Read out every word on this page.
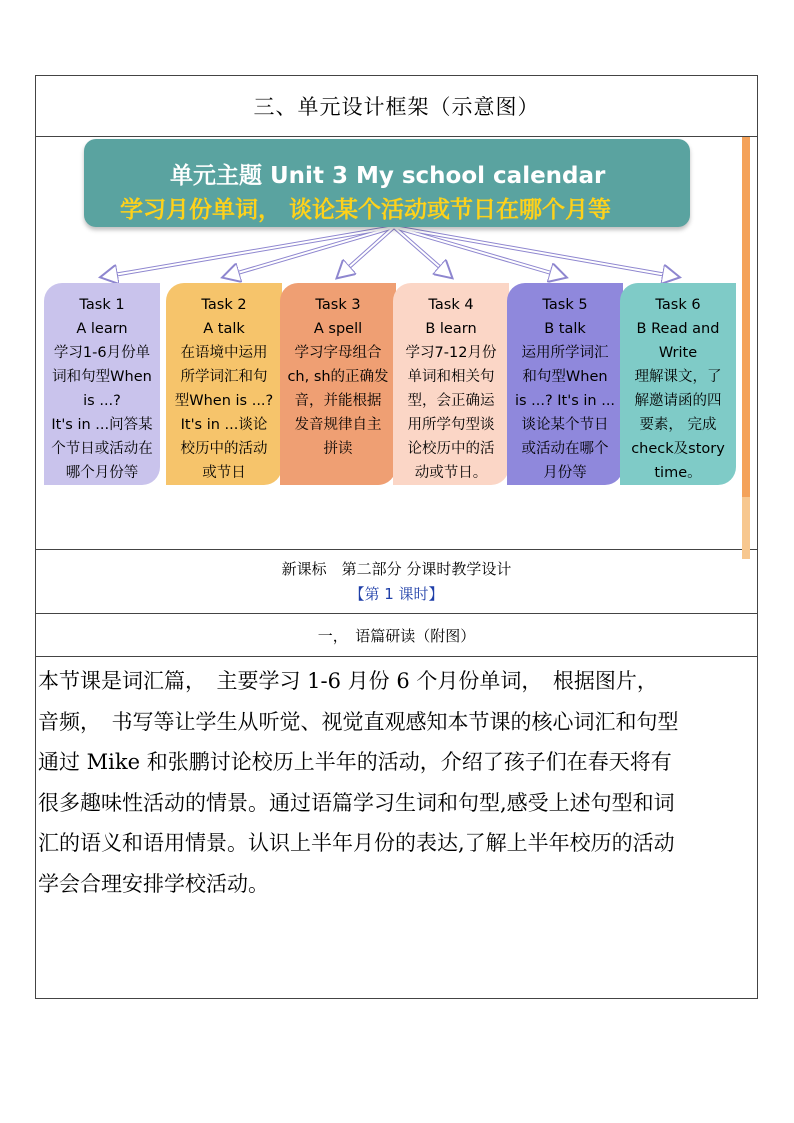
三、单元设计框架（示意图）
单元主题 Unit 3 My school calendar
学习月份单词， 谈论某个活动或节日在哪个月等
Task 1
A learn
学习1-6月份单
词和句型When
is ...?
It's in ...问答某
个节日或活动在
哪个月份等
Task 2
A talk
在语境中运用
所学词汇和句
型When is ...?
It's in ...谈论
校历中的活动
或节日
Task 3
A spell
学习字母组合
ch, sh的正确发
音，并能根据
发音规律自主
拼读
Task 4
B learn
学习7-12月份
单词和相关句
型，会正确运
用所学句型谈
论校历中的活
动或节日。
Task 5
B talk
运用所学词汇
和句型When
is ...? It's in ...
谈论某个节日
或活动在哪个
月份等
Task 6
B Read and
Write
理解课文，了
解邀请函的四
要素， 完成
check及story
time。
新课标　第二部分 分课时教学设计
【第 1 课时】
一，　语篇研读（附图）
本节课是词汇篇，　主要学习 1-6 月份 6 个月份单词，　根据图片，
音频，　书写等让学生从听觉、视觉直观感知本节课的核心词汇和句型
通过 Mike 和张鹏讨论校历上半年的活动，介绍了孩子们在春天将有
很多趣味性活动的情景。通过语篇学习生词和句型,感受上述句型和词
汇的语义和语用情景。认识上半年月份的表达,了解上半年校历的活动
学会合理安排学校活动。
